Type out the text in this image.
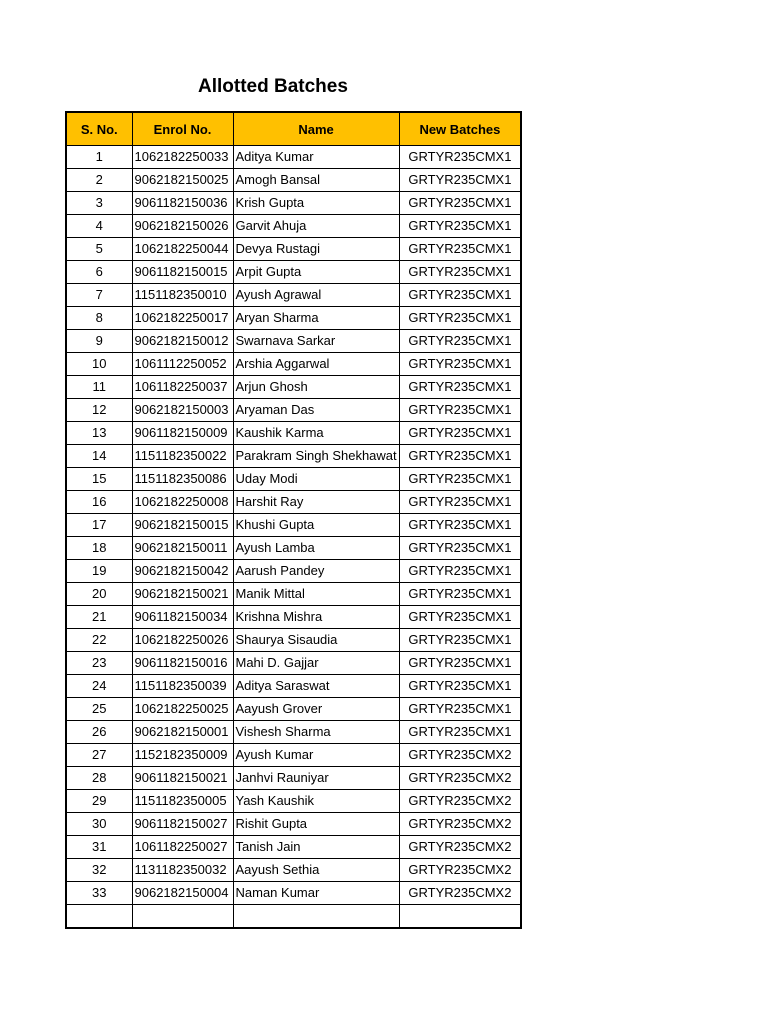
Allotted Batches
S. No.	Enrol No.	Name	New Batches
1	1062182250033	Aditya Kumar	GRTYR235CMX1
2	9062182150025	Amogh Bansal	GRTYR235CMX1
3	9061182150036	Krish Gupta	GRTYR235CMX1
4	9062182150026	Garvit Ahuja	GRTYR235CMX1
5	1062182250044	Devya Rustagi	GRTYR235CMX1
6	9061182150015	Arpit Gupta	GRTYR235CMX1
7	1151182350010	Ayush Agrawal	GRTYR235CMX1
8	1062182250017	Aryan Sharma	GRTYR235CMX1
9	9062182150012	Swarnava Sarkar	GRTYR235CMX1
10	1061112250052	Arshia Aggarwal	GRTYR235CMX1
11	1061182250037	Arjun Ghosh	GRTYR235CMX1
12	9062182150003	Aryaman Das	GRTYR235CMX1
13	9061182150009	Kaushik Karma	GRTYR235CMX1
14	1151182350022	Parakram Singh Shekhawat	GRTYR235CMX1
15	1151182350086	Uday Modi	GRTYR235CMX1
16	1062182250008	Harshit Ray	GRTYR235CMX1
17	9062182150015	Khushi Gupta	GRTYR235CMX1
18	9062182150011	Ayush Lamba	GRTYR235CMX1
19	9062182150042	Aarush Pandey	GRTYR235CMX1
20	9062182150021	Manik Mittal	GRTYR235CMX1
21	9061182150034	Krishna Mishra	GRTYR235CMX1
22	1062182250026	Shaurya Sisaudia	GRTYR235CMX1
23	9061182150016	Mahi D. Gajjar	GRTYR235CMX1
24	1151182350039	Aditya Saraswat	GRTYR235CMX1
25	1062182250025	Aayush Grover	GRTYR235CMX1
26	9062182150001	Vishesh Sharma	GRTYR235CMX1
27	1152182350009	Ayush Kumar	GRTYR235CMX2
28	9061182150021	Janhvi Rauniyar	GRTYR235CMX2
29	1151182350005	Yash Kaushik	GRTYR235CMX2
30	9061182150027	Rishit Gupta	GRTYR235CMX2
31	1061182250027	Tanish Jain	GRTYR235CMX2
32	1131182350032	Aayush Sethia	GRTYR235CMX2
33	9062182150004	Naman Kumar	GRTYR235CMX2
